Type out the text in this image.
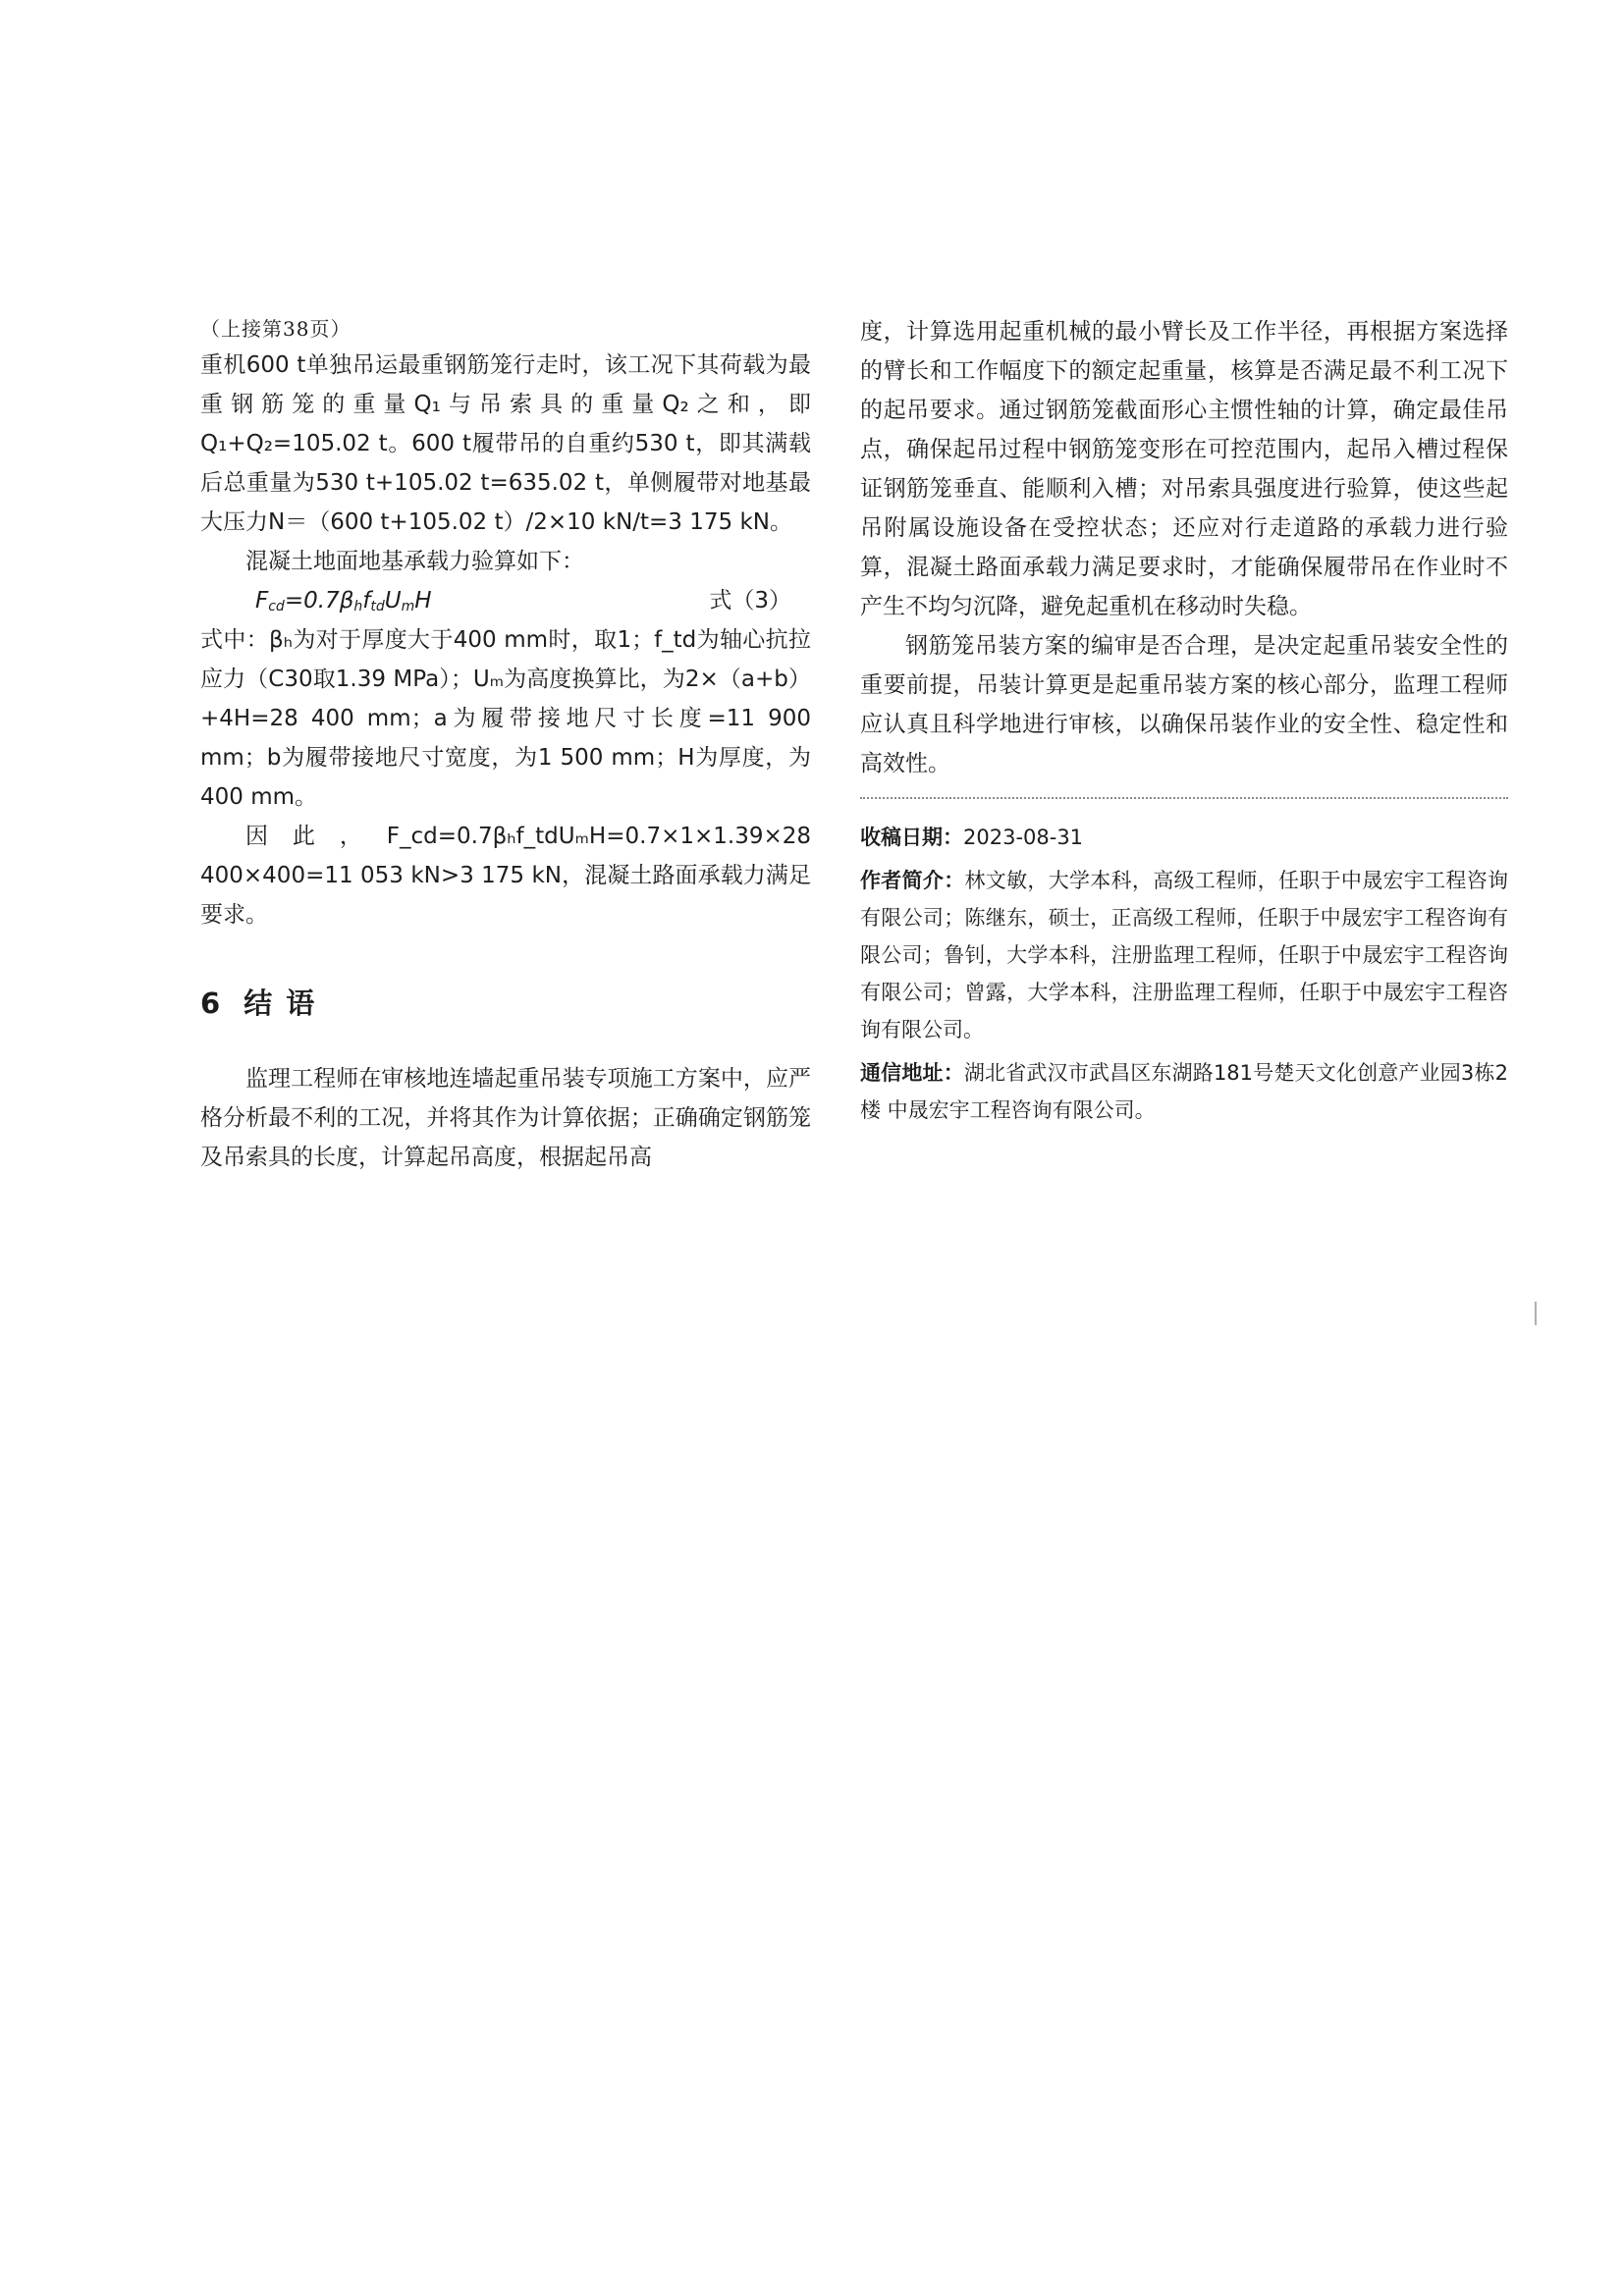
（上接第38页）

重机600 t单独吊运最重钢筋笼行走时，该工况下其荷载为最重钢筋笼的重量Q₁与吊索具的重量Q₂之和，即Q₁+Q₂=105.02 t。600 t履带吊的自重约530 t，即其满载后总重量为530 t+105.02 t=635.02 t，单侧履带对地基最大压力N＝（600 t+105.02 t）/2×10 kN/t=3 175 kN。

混凝土地面地基承载力验算如下：

$F_{cd}=0.7\beta_hf_{td}U_mH$	式（3）

式中：βₕ为对于厚度大于400 mm时，取1；f_td为轴心抗拉应力（C30取1.39 MPa）；Uₘ为高度换算比，为2×（a+b）+4H=28 400 mm；a为履带接地尺寸长度=11 900 mm；b为履带接地尺寸宽度，为1 500 mm；H为厚度，为400 mm。

因此，F_cd=0.7βₕf_tdUₘH=0.7×1×1.39×28 400×400=11 053 kN>3 175 kN，混凝土路面承载力满足要求。

6 结 语

监理工程师在审核地连墙起重吊装专项施工方案中，应严格分析最不利的工况，并将其作为计算依据；正确确定钢筋笼及吊索具的长度，计算起吊高度，根据起吊高

度，计算选用起重机械的最小臂长及工作半径，再根据方案选择的臂长和工作幅度下的额定起重量，核算是否满足最不利工况下的起吊要求。通过钢筋笼截面形心主惯性轴的计算，确定最佳吊点，确保起吊过程中钢筋笼变形在可控范围内，起吊入槽过程保证钢筋笼垂直、能顺利入槽；对吊索具强度进行验算，使这些起吊附属设施设备在受控状态；还应对行走道路的承载力进行验算，混凝土路面承载力满足要求时，才能确保履带吊在作业时不产生不均匀沉降，避免起重机在移动时失稳。

钢筋笼吊装方案的编审是否合理，是决定起重吊装安全性的重要前提，吊装计算更是起重吊装方案的核心部分，监理工程师应认真且科学地进行审核，以确保吊装作业的安全性、稳定性和高效性。

收稿日期：2023-08-31

作者简介：林文敏，大学本科，高级工程师，任职于中晟宏宇工程咨询有限公司；陈继东，硕士，正高级工程师，任职于中晟宏宇工程咨询有限公司；鲁钊，大学本科，注册监理工程师，任职于中晟宏宇工程咨询有限公司；曾露，大学本科，注册监理工程师，任职于中晟宏宇工程咨询有限公司。

通信地址：湖北省武汉市武昌区东湖路181号楚天文化创意产业园3栋2楼 中晟宏宇工程咨询有限公司。
